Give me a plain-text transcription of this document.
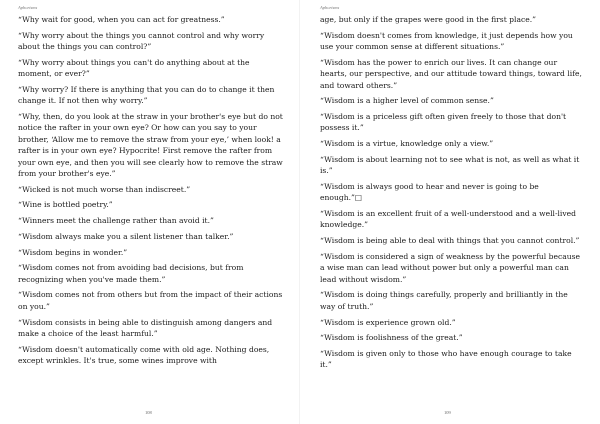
Aphorisms
“Why wait for good, when you can act for greatness.”
“Why worry about the things you cannot control and why worry about the things you can control?”
“Why worry about things you can't do anything about at the moment, or ever?”
“Why worry? If there is anything that you can do to change it then change it. If not then why worry.”
“Why, then, do you look at the straw in your brother's eye but do not notice the rafter in your own eye? Or how can you say to your brother, ‘Allow me to remove the straw from your eye,’ when look! a rafter is in your own eye? Hypocrite! First remove the rafter from your own eye, and then you will see clearly how to remove the straw from your brother's eye.”
“Wicked is not much worse than indiscreet.”
“Wine is bottled poetry.”
“Winners meet the challenge rather than avoid it.”
“Wisdom always make you a silent listener than talker.”
“Wisdom begins in wonder.”
“Wisdom comes not from avoiding bad decisions, but from recognizing when you've made them.”
“Wisdom comes not from others but from the impact of their actions on you.”
“Wisdom consists in being able to distinguish among dangers and make a choice of the least harmful.”
“Wisdom doesn't automatically come with old age. Nothing does, except wrinkles. It's true, some wines improve with
108
Aphorisms
age, but only if the grapes were good in the first place.”
“Wisdom doesn't comes from knowledge, it just depends how you use your common sense at different situations.”
“Wisdom has the power to enrich our lives. It can change our hearts, our perspective, and our attitude toward things, toward life, and toward others.”
“Wisdom is a higher level of common sense.”
“Wisdom is a priceless gift often given freely to those that don't possess it.”
“Wisdom is a virtue, knowledge only a view.”
“Wisdom is about learning not to see what is not, as well as what it is.”
“Wisdom is always good to hear and never is going to be enough.”□
“Wisdom is an excellent fruit of a well-understood and a well-lived knowledge.”
“Wisdom is being able to deal with things that you cannot control.”
“Wisdom is considered a sign of weakness by the powerful because a wise man can lead without power but only a powerful man can lead without wisdom.”
“Wisdom is doing things carefully, properly and brilliantly in the way of truth.”
“Wisdom is experience grown old.”
“Wisdom is foolishness of the great.”
“Wisdom is given only to those who have enough courage to take it.”
109
